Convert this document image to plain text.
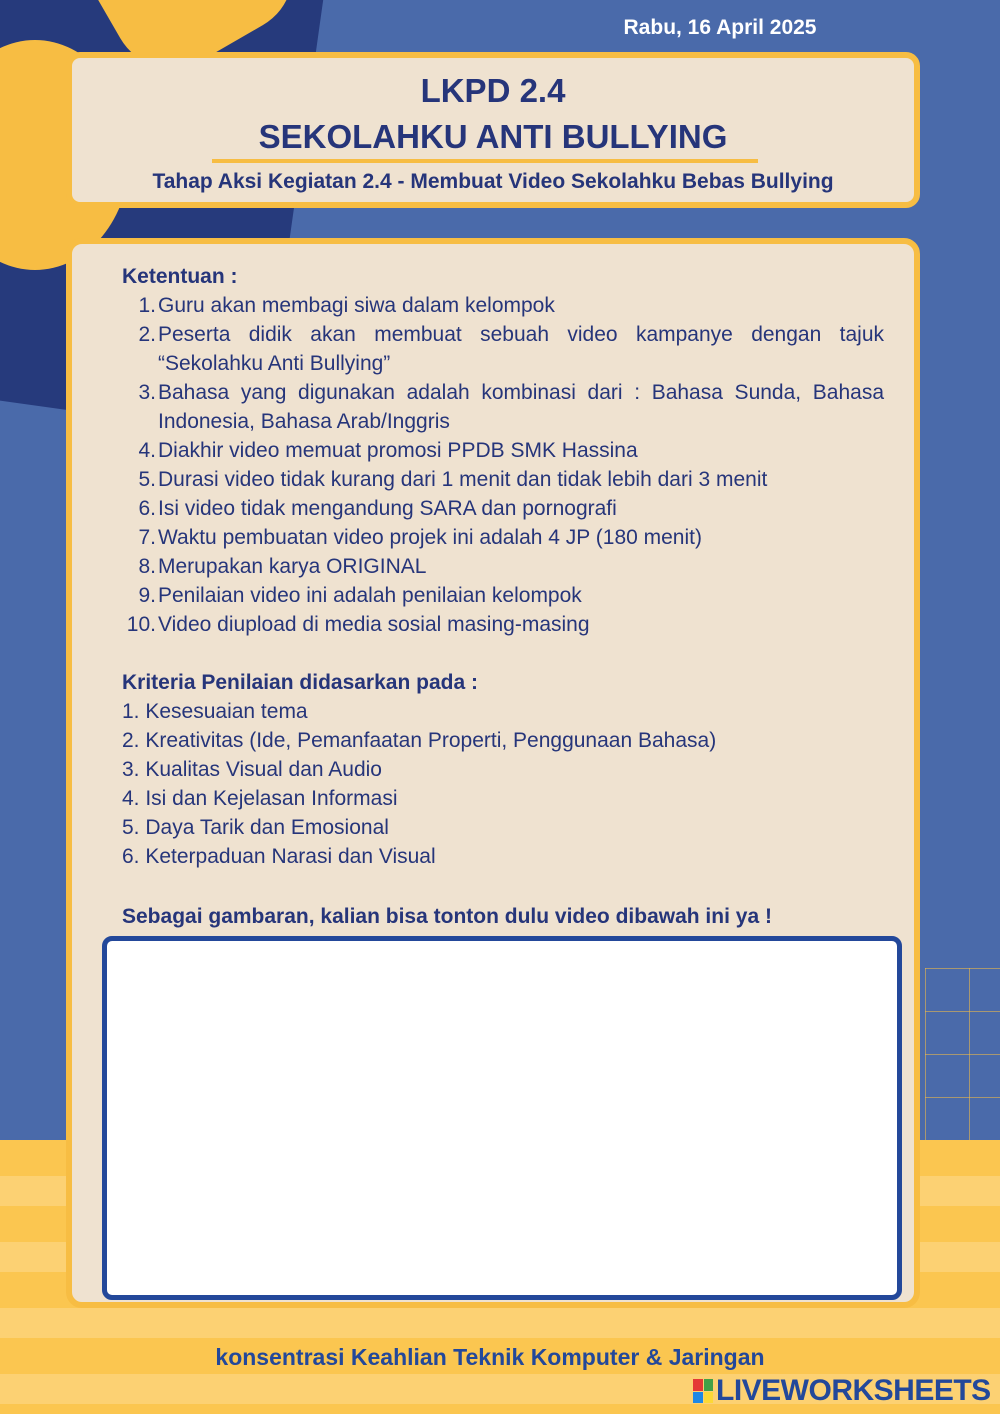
Rabu, 16 April 2025
LKPD 2.4
SEKOLAHKU ANTI BULLYING
Tahap Aksi Kegiatan 2.4 - Membuat Video Sekolahku Bebas Bullying
Ketentuan :
1. Guru akan membagi siwa dalam kelompok
2. Peserta didik akan membuat sebuah video kampanye dengan tajuk “Sekolahku Anti Bullying”
3. Bahasa yang digunakan adalah kombinasi dari : Bahasa Sunda, Bahasa Indonesia, Bahasa Arab/Inggris
4. Diakhir video memuat promosi PPDB SMK Hassina
5. Durasi video tidak kurang dari 1 menit dan tidak lebih dari 3 menit
6. Isi video tidak mengandung SARA dan pornografi
7. Waktu pembuatan video projek ini adalah 4 JP (180 menit)
8. Merupakan karya ORIGINAL
9. Penilaian video ini adalah penilaian kelompok
10. Video diupload di media sosial masing-masing
Kriteria Penilaian didasarkan pada :
1. Kesesuaian tema
2. Kreativitas (Ide, Pemanfaatan Properti, Penggunaan Bahasa)
3. Kualitas Visual dan Audio
4. Isi dan Kejelasan Informasi
5. Daya Tarik dan Emosional
6. Keterpaduan Narasi dan Visual
Sebagai gambaran, kalian bisa tonton dulu video dibawah ini ya !
konsentrasi Keahlian Teknik Komputer & Jaringan
LIVEWORKSHEETS
